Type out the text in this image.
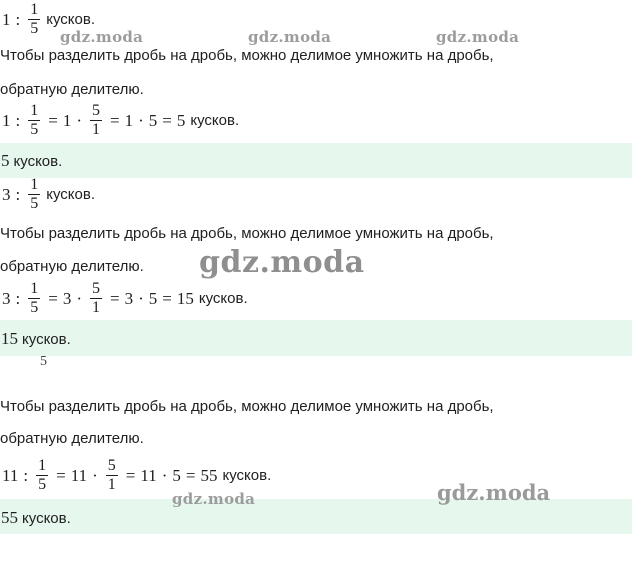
1 : $\frac{1}{5}$ кусков.
Чтобы разделить дробь на дробь, можно делимое умножить на дробь,
обратную делителю.
1 : $\frac{1}{5} = 1 \cdot \frac{5}{1} = 1 \cdot 5 = 5$ кусков.
5 кусков.
3 : $\frac{1}{5}$ кусков.
Чтобы разделить дробь на дробь, можно делимое умножить на дробь,
обратную делителю.
3 : $\frac{1}{5} = 3 \cdot \frac{5}{1} = 3 \cdot 5 = 15$ кусков.
15 кусков.
5
Чтобы разделить дробь на дробь, можно делимое умножить на дробь,
обратную делителю.
11 : $\frac{1}{5} = 11 \cdot \frac{5}{1} = 11 \cdot 5 = 55$ кусков.
55 кусков.
gdz.moda	gdz.moda	gdz.moda
gdz.moda
gdz.moda	gdz.moda
